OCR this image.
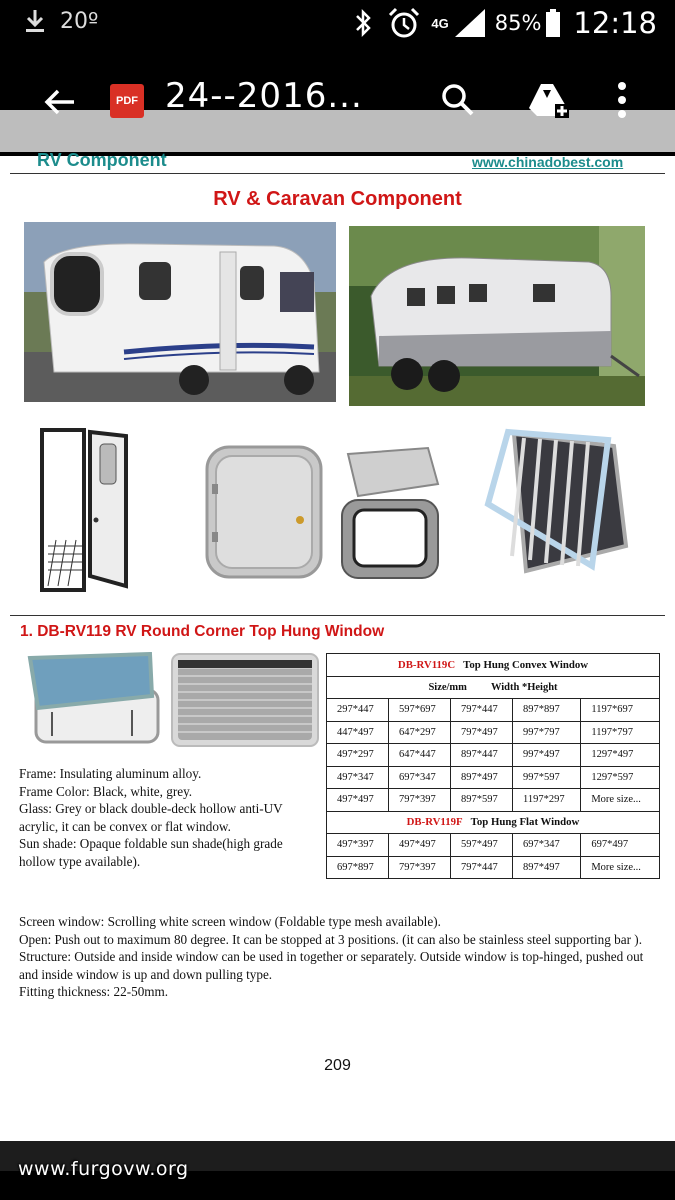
20º	4G 85% 12:18
PDF 24--2016...
RV Component	www.chinadobest.com
RV & Caravan Component
1. DB-RV119 RV Round Corner Top Hung Window

Frame: Insulating aluminum alloy.

Frame Color: Black, white, grey.

Glass: Grey or black double-deck hollow anti-UV acrylic, it can be convex or flat window.

Sun shade: Opaque foldable sun shade(high grade hollow type available).

DB-RV119C Top Hung Convex Window				
Size/mm Width *Height				
297*447	597*697	797*447	897*897	1197*697
447*497	647*297	797*497	997*797	1197*797
497*297	647*447	897*447	997*497	1297*497
497*347	697*347	897*497	997*597	1297*597
497*497	797*397	897*597	1197*297	More size...
DB-RV119F Top Hung Flat Window				
497*397	497*497	597*497	697*347	697*497
697*897	797*397	797*447	897*497	More size...

Screen window: Scrolling white screen window (Foldable type mesh available).

Open: Push out to maximum 80 degree. It can be stopped at 3 positions. (it can also be stainless steel supporting bar ).

Structure: Outside and inside window can be used in together or separately. Outside window is top-hinged, pushed out and inside window is up and down pulling type.

Fitting thickness: 22-50mm.

209
www.furgovw.org
